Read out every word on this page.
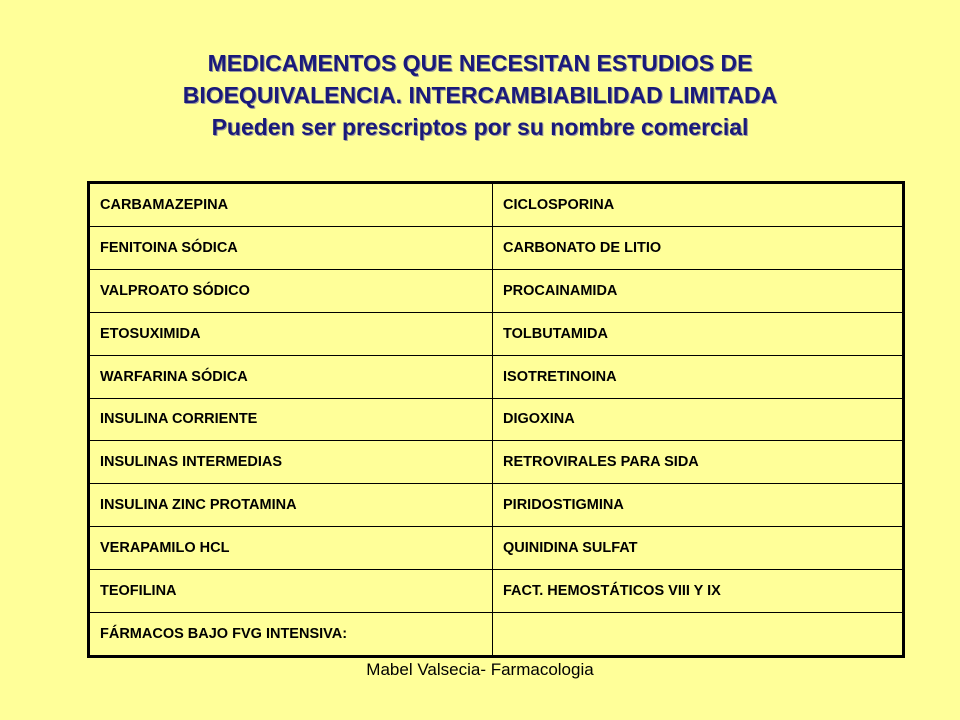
MEDICAMENTOS QUE NECESITAN ESTUDIOS DE
BIOEQUIVALENCIA. INTERCAMBIABILIDAD LIMITADA
Pueden ser prescriptos por su nombre comercial
CARBAMAZEPINA	CICLOSPORINA
FENITOINA SÓDICA	CARBONATO DE LITIO
VALPROATO SÓDICO	PROCAINAMIDA
ETOSUXIMIDA	TOLBUTAMIDA
WARFARINA SÓDICA	ISOTRETINOINA
INSULINA CORRIENTE	DIGOXINA
INSULINAS INTERMEDIAS	RETROVIRALES PARA SIDA
INSULINA ZINC PROTAMINA	PIRIDOSTIGMINA
VERAPAMILO HCL	QUINIDINA SULFAT
TEOFILINA	FACT. HEMOSTÁTICOS VIII Y IX
FÁRMACOS BAJO FVG INTENSIVA:	
Mabel Valsecia- Farmacologia
